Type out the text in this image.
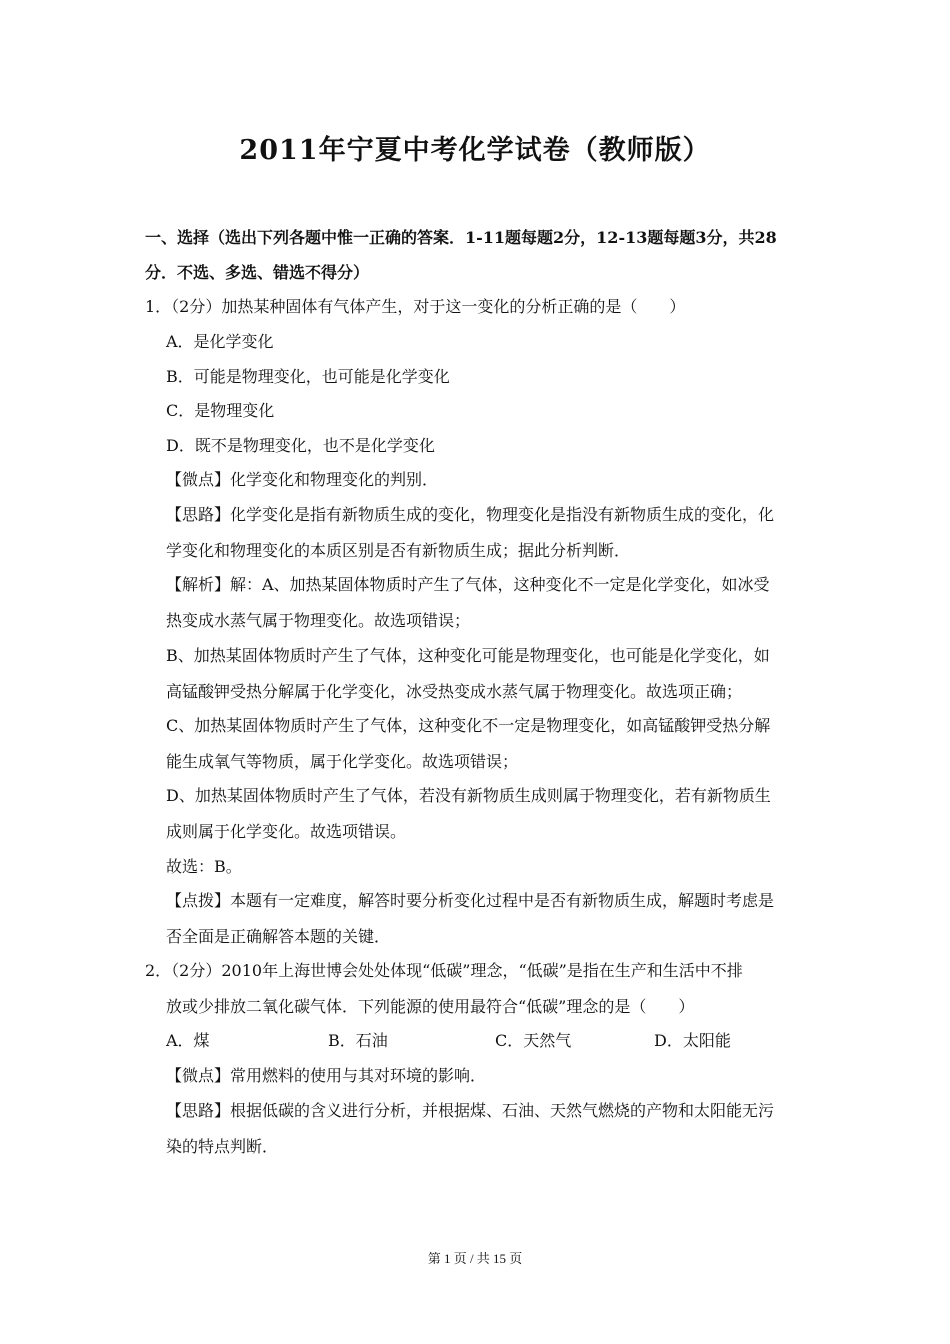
2011年宁夏中考化学试卷（教师版）
一、选择（选出下列各题中惟一正确的答案．1-11题每题2分，12-13题每题3分，共28
分．不选、多选、错选不得分）
1．（2分）加热某种固体有气体产生，对于这一变化的分析正确的是（　　）
A．是化学变化
B．可能是物理变化，也可能是化学变化
C．是物理变化
D．既不是物理变化，也不是化学变化
【微点】化学变化和物理变化的判别．
【思路】化学变化是指有新物质生成的变化，物理变化是指没有新物质生成的变化，化
学变化和物理变化的本质区别是否有新物质生成；据此分析判断．
【解析】解：A、加热某固体物质时产生了气体，这种变化不一定是化学变化，如冰受
热变成水蒸气属于物理变化。故选项错误；
B、加热某固体物质时产生了气体，这种变化可能是物理变化，也可能是化学变化，如
高锰酸钾受热分解属于化学变化，冰受热变成水蒸气属于物理变化。故选项正确；
C、加热某固体物质时产生了气体，这种变化不一定是物理变化，如高锰酸钾受热分解
能生成氧气等物质，属于化学变化。故选项错误；
D、加热某固体物质时产生了气体，若没有新物质生成则属于物理变化，若有新物质生
成则属于化学变化。故选项错误。
故选：B。
【点拨】本题有一定难度，解答时要分析变化过程中是否有新物质生成，解题时考虑是
否全面是正确解答本题的关键．
2．（2分）2010年上海世博会处处体现“低碳”理念，“低碳”是指在生产和生活中不排
放或少排放二氧化碳气体．下列能源的使用最符合“低碳”理念的是（　　）
A．煤	B．石油	C．天然气	D．太阳能
【微点】常用燃料的使用与其对环境的影响．
【思路】根据低碳的含义进行分析，并根据煤、石油、天然气燃烧的产物和太阳能无污
染的特点判断．
第 1 页 / 共 15 页
